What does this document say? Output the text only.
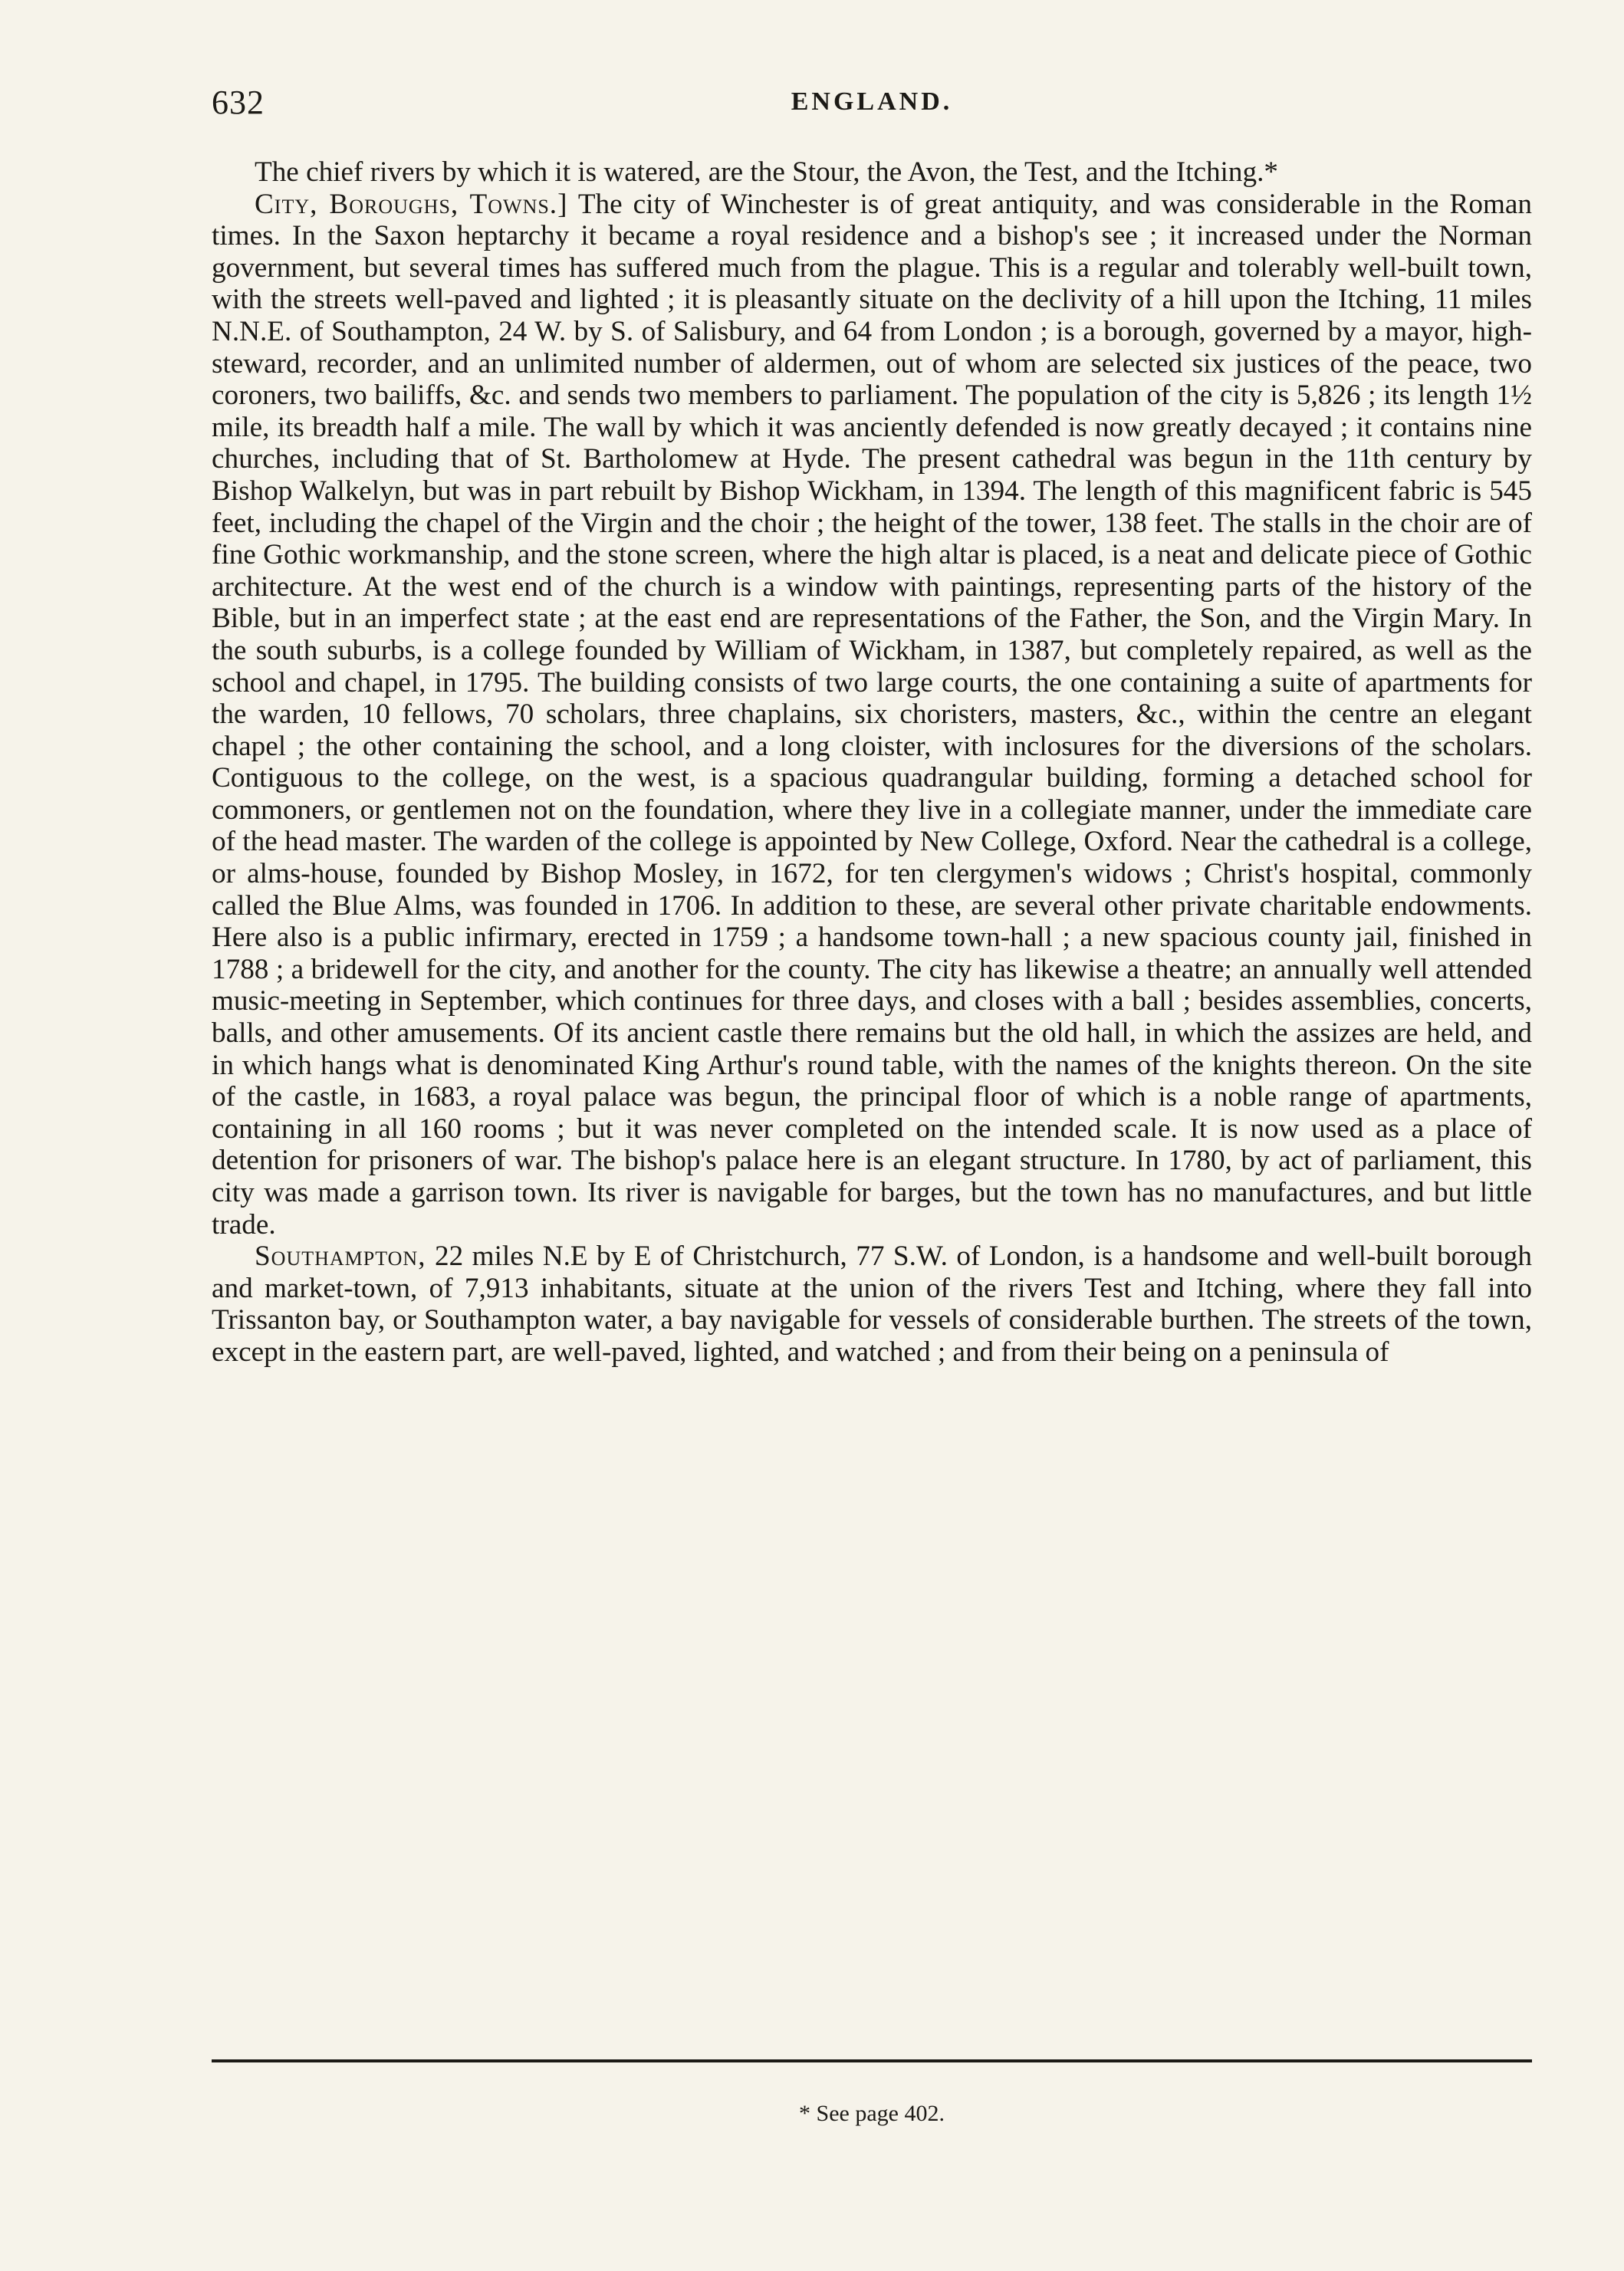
632	ENGLAND.

The chief rivers by which it is watered, are the Stour, the Avon, the Test, and the Itching.*

City, Boroughs, Towns.] The city of Winchester is of great antiquity, and was considerable in the Roman times. In the Saxon heptarchy it became a royal residence and a bishop's see ; it increased under the Norman government, but several times has suffered much from the plague. This is a regular and tolerably well-built town, with the streets well-paved and lighted ; it is pleasantly situate on the declivity of a hill upon the Itching, 11 miles N.N.E. of Southampton, 24 W. by S. of Salisbury, and 64 from London ; is a borough, governed by a mayor, high-steward, recorder, and an unlimited number of aldermen, out of whom are selected six justices of the peace, two coroners, two bailiffs, &c. and sends two members to parliament. The population of the city is 5,826 ; its length 1½ mile, its breadth half a mile. The wall by which it was anciently defended is now greatly decayed ; it contains nine churches, including that of St. Bartholomew at Hyde. The present cathedral was begun in the 11th century by Bishop Walkelyn, but was in part rebuilt by Bishop Wickham, in 1394. The length of this magnificent fabric is 545 feet, including the chapel of the Virgin and the choir ; the height of the tower, 138 feet. The stalls in the choir are of fine Gothic workmanship, and the stone screen, where the high altar is placed, is a neat and delicate piece of Gothic architecture. At the west end of the church is a window with paintings, representing parts of the history of the Bible, but in an imperfect state ; at the east end are representations of the Father, the Son, and the Virgin Mary. In the south suburbs, is a college founded by William of Wickham, in 1387, but completely repaired, as well as the school and chapel, in 1795. The building consists of two large courts, the one containing a suite of apartments for the warden, 10 fellows, 70 scholars, three chaplains, six choristers, masters, &c., within the centre an elegant chapel ; the other containing the school, and a long cloister, with inclosures for the diversions of the scholars. Contiguous to the college, on the west, is a spacious quadrangular building, forming a detached school for commoners, or gentlemen not on the foundation, where they live in a collegiate manner, under the immediate care of the head master. The warden of the college is appointed by New College, Oxford. Near the cathedral is a college, or alms-house, founded by Bishop Mosley, in 1672, for ten clergymen's widows ; Christ's hospital, commonly called the Blue Alms, was founded in 1706. In addition to these, are several other private charitable endowments. Here also is a public infirmary, erected in 1759 ; a handsome town-hall ; a new spacious county jail, finished in 1788 ; a bridewell for the city, and another for the county. The city has likewise a theatre; an annually well attended music-meeting in September, which continues for three days, and closes with a ball ; besides assemblies, concerts, balls, and other amusements. Of its ancient castle there remains but the old hall, in which the assizes are held, and in which hangs what is denominated King Arthur's round table, with the names of the knights thereon. On the site of the castle, in 1683, a royal palace was begun, the principal floor of which is a noble range of apartments, containing in all 160 rooms ; but it was never completed on the intended scale. It is now used as a place of detention for prisoners of war. The bishop's palace here is an elegant structure. In 1780, by act of parliament, this city was made a garrison town. Its river is navigable for barges, but the town has no manufactures, and but little trade.

Southampton, 22 miles N.E by E of Christchurch, 77 S.W. of London, is a handsome and well-built borough and market-town, of 7,913 inhabitants, situate at the union of the rivers Test and Itching, where they fall into Trissanton bay, or Southampton water, a bay navigable for vessels of considerable burthen. The streets of the town, except in the eastern part, are well-paved, lighted, and watched ; and from their being on a peninsula of

* See page 402.
